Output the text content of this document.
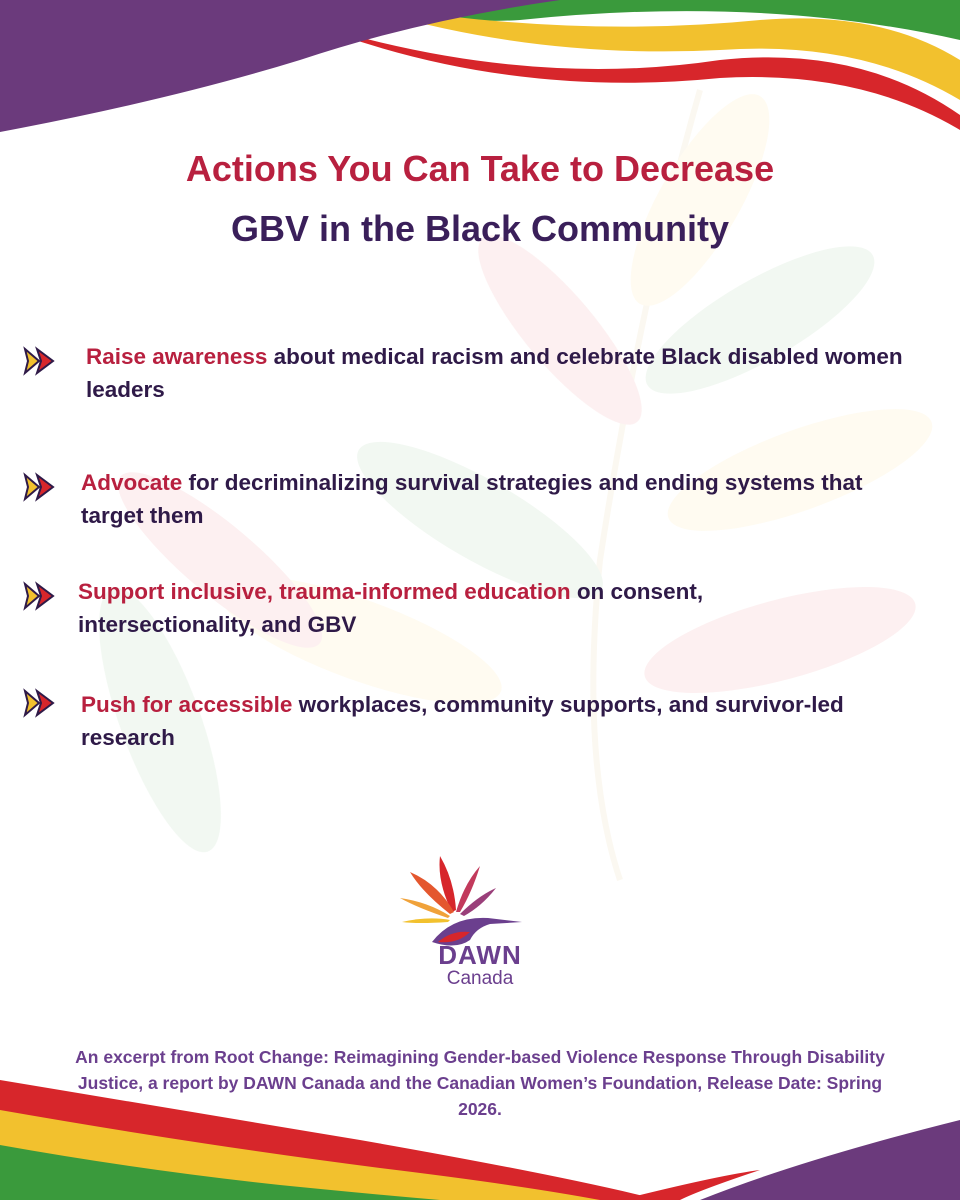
Actions You Can Take to Decrease
GBV in the Black Community
Raise awareness about medical racism and celebrate Black disabled women leaders
Advocate for decriminalizing survival strategies and ending systems that target them
Support inclusive, trauma-informed education on consent, intersectionality, and GBV
Push for accessible workplaces, community supports, and survivor-led research
DAWN
Canada
An excerpt from Root Change: Reimagining Gender-based Violence Response Through Disability Justice, a report by DAWN Canada and the Canadian Women’s Foundation, Release Date: Spring 2026.
